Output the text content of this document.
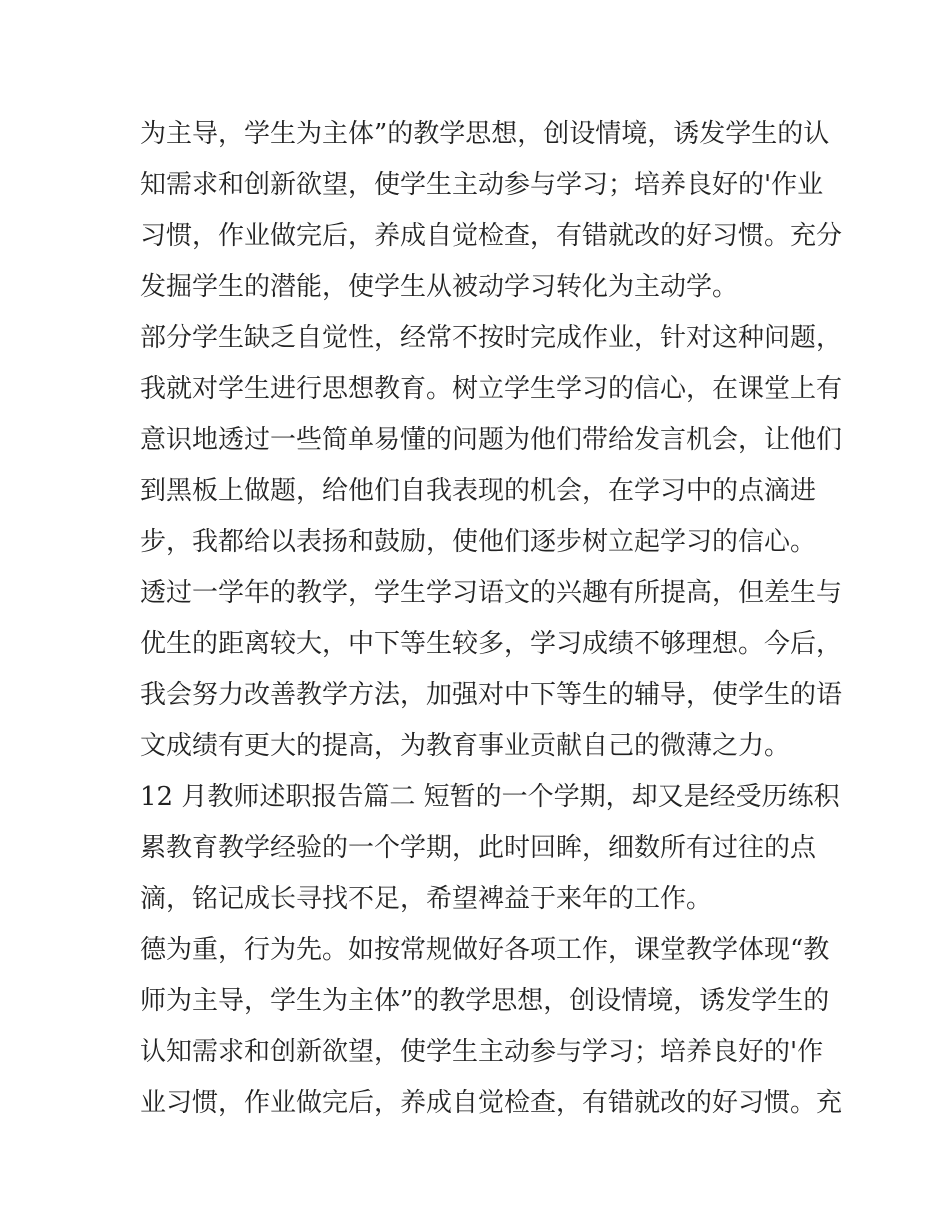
为主导，学生为主体”的教学思想，创设情境，诱发学生的认
知需求和创新欲望，使学生主动参与学习；培养良好的'作业
习惯，作业做完后，养成自觉检查，有错就改的好习惯。充分
发掘学生的潜能，使学生从被动学习转化为主动学。
部分学生缺乏自觉性，经常不按时完成作业，针对这种问题，
我就对学生进行思想教育。树立学生学习的信心，在课堂上有
意识地透过一些简单易懂的问题为他们带给发言机会，让他们
到黑板上做题，给他们自我表现的机会，在学习中的点滴进
步，我都给以表扬和鼓励，使他们逐步树立起学习的信心。
透过一学年的教学，学生学习语文的兴趣有所提高，但差生与
优生的距离较大，中下等生较多，学习成绩不够理想。今后，
我会努力改善教学方法，加强对中下等生的辅导，使学生的语
文成绩有更大的提高，为教育事业贡献自己的微薄之力。
12 月教师述职报告篇二 短暂的一个学期，却又是经受历练积
累教育教学经验的一个学期，此时回眸，细数所有过往的点
滴，铭记成长寻找不足，希望裨益于来年的工作。
德为重，行为先。如按常规做好各项工作，课堂教学体现“教
师为主导，学生为主体”的教学思想，创设情境，诱发学生的
认知需求和创新欲望，使学生主动参与学习；培养良好的'作
业习惯，作业做完后，养成自觉检查，有错就改的好习惯。充
